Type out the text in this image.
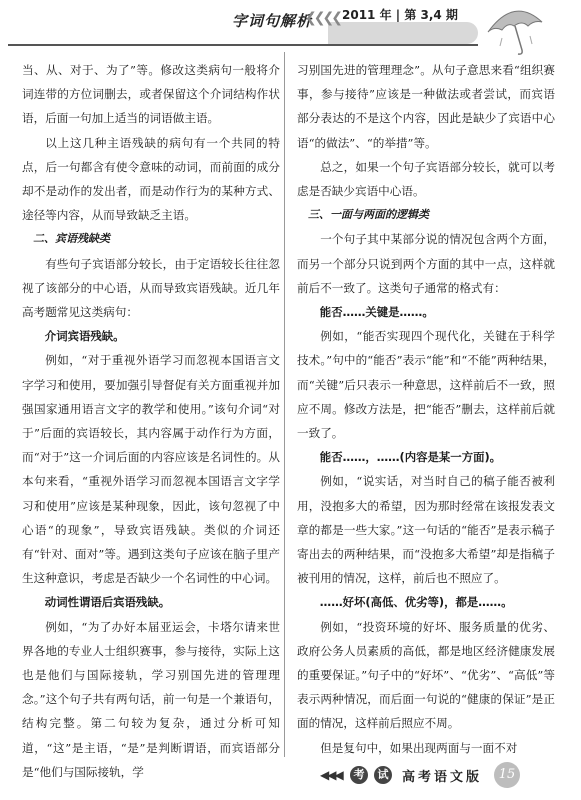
字词句解析
❮❮❮❮ 2011 年 | 第 3,4 期

当、从、对于、为了”等。修改这类病句一般将介词连带的方位词删去，或者保留这个介词结构作状语，后面一句加上适当的词语做主语。

以上这几种主语残缺的病句有一个共同的特点，后一句都含有使令意味的动词，而前面的成分却不是动作的发出者，而是动作行为的某种方式、途径等内容，从而导致缺乏主语。

二、宾语残缺类

有些句子宾语部分较长，由于定语较长往往忽视了该部分的中心语，从而导致宾语残缺。近几年高考题常见这类病句：

介词宾语残缺。

例如，“对于重视外语学习而忽视本国语言文字学习和使用，要加强引导督促有关方面重视并加强国家通用语言文字的教学和使用。”该句介词“对于”后面的宾语较长，其内容属于动作行为方面，而“对于”这一介词后面的内容应该是名词性的。从本句来看，“重视外语学习而忽视本国语言文字学习和使用”应该是某种现象，因此，该句忽视了中心语“的现象”，导致宾语残缺。类似的介词还有“针对、面对”等。遇到这类句子应该在脑子里产生这种意识，考虑是否缺少一个名词性的中心词。

动词性谓语后宾语残缺。

例如，“为了办好本届亚运会，卡塔尔请来世界各地的专业人士组织赛事，参与接待，实际上这也是他们与国际接轨，学习别国先进的管理理念。”这个句子共有两句话，前一句是一个兼语句，结构完整。第二句较为复杂，通过分析可知道，“这”是主语，“是”是判断谓语，而宾语部分是“他们与国际接轨，学

习别国先进的管理理念”。从句子意思来看“组织赛事，参与接待”应该是一种做法或者尝试，而宾语部分表达的不是这个内容，因此是缺少了宾语中心语“的做法”、“的举措”等。

总之，如果一个句子宾语部分较长，就可以考虑是否缺少宾语中心语。

三、一面与两面的逻辑类

一个句子其中某部分说的情况包含两个方面，而另一个部分只说到两个方面的其中一点，这样就前后不一致了。这类句子通常的格式有：

能否……关键是……。

例如，“能否实现四个现代化，关键在于科学技术。”句中的“能否”表示“能”和“不能”两种结果，而“关键”后只表示一种意思，这样前后不一致，照应不周。修改方法是，把“能否”删去，这样前后就一致了。

能否……，……(内容是某一方面)。

例如，“说实话，对当时自己的稿子能否被利用，没抱多大的希望，因为那时经常在该报发表文章的都是一些大家。”这一句话的“能否”是表示稿子寄出去的两种结果，而“没抱多大希望”却是指稿子被刊用的情况，这样，前后也不照应了。

……好坏(高低、优劣等)，都是……。

例如，“投资环境的好坏、服务质量的优劣、政府公务人员素质的高低，都是地区经济健康发展的重要保证。”句子中的“好坏”、“优劣”、“高低”等表示两种情况，而后面一句说的“健康的保证”是正面的情况，这样前后照应不周。

但是复句中，如果出现两面与一面不对

◀◀◀	考	试 高考语文版	15
